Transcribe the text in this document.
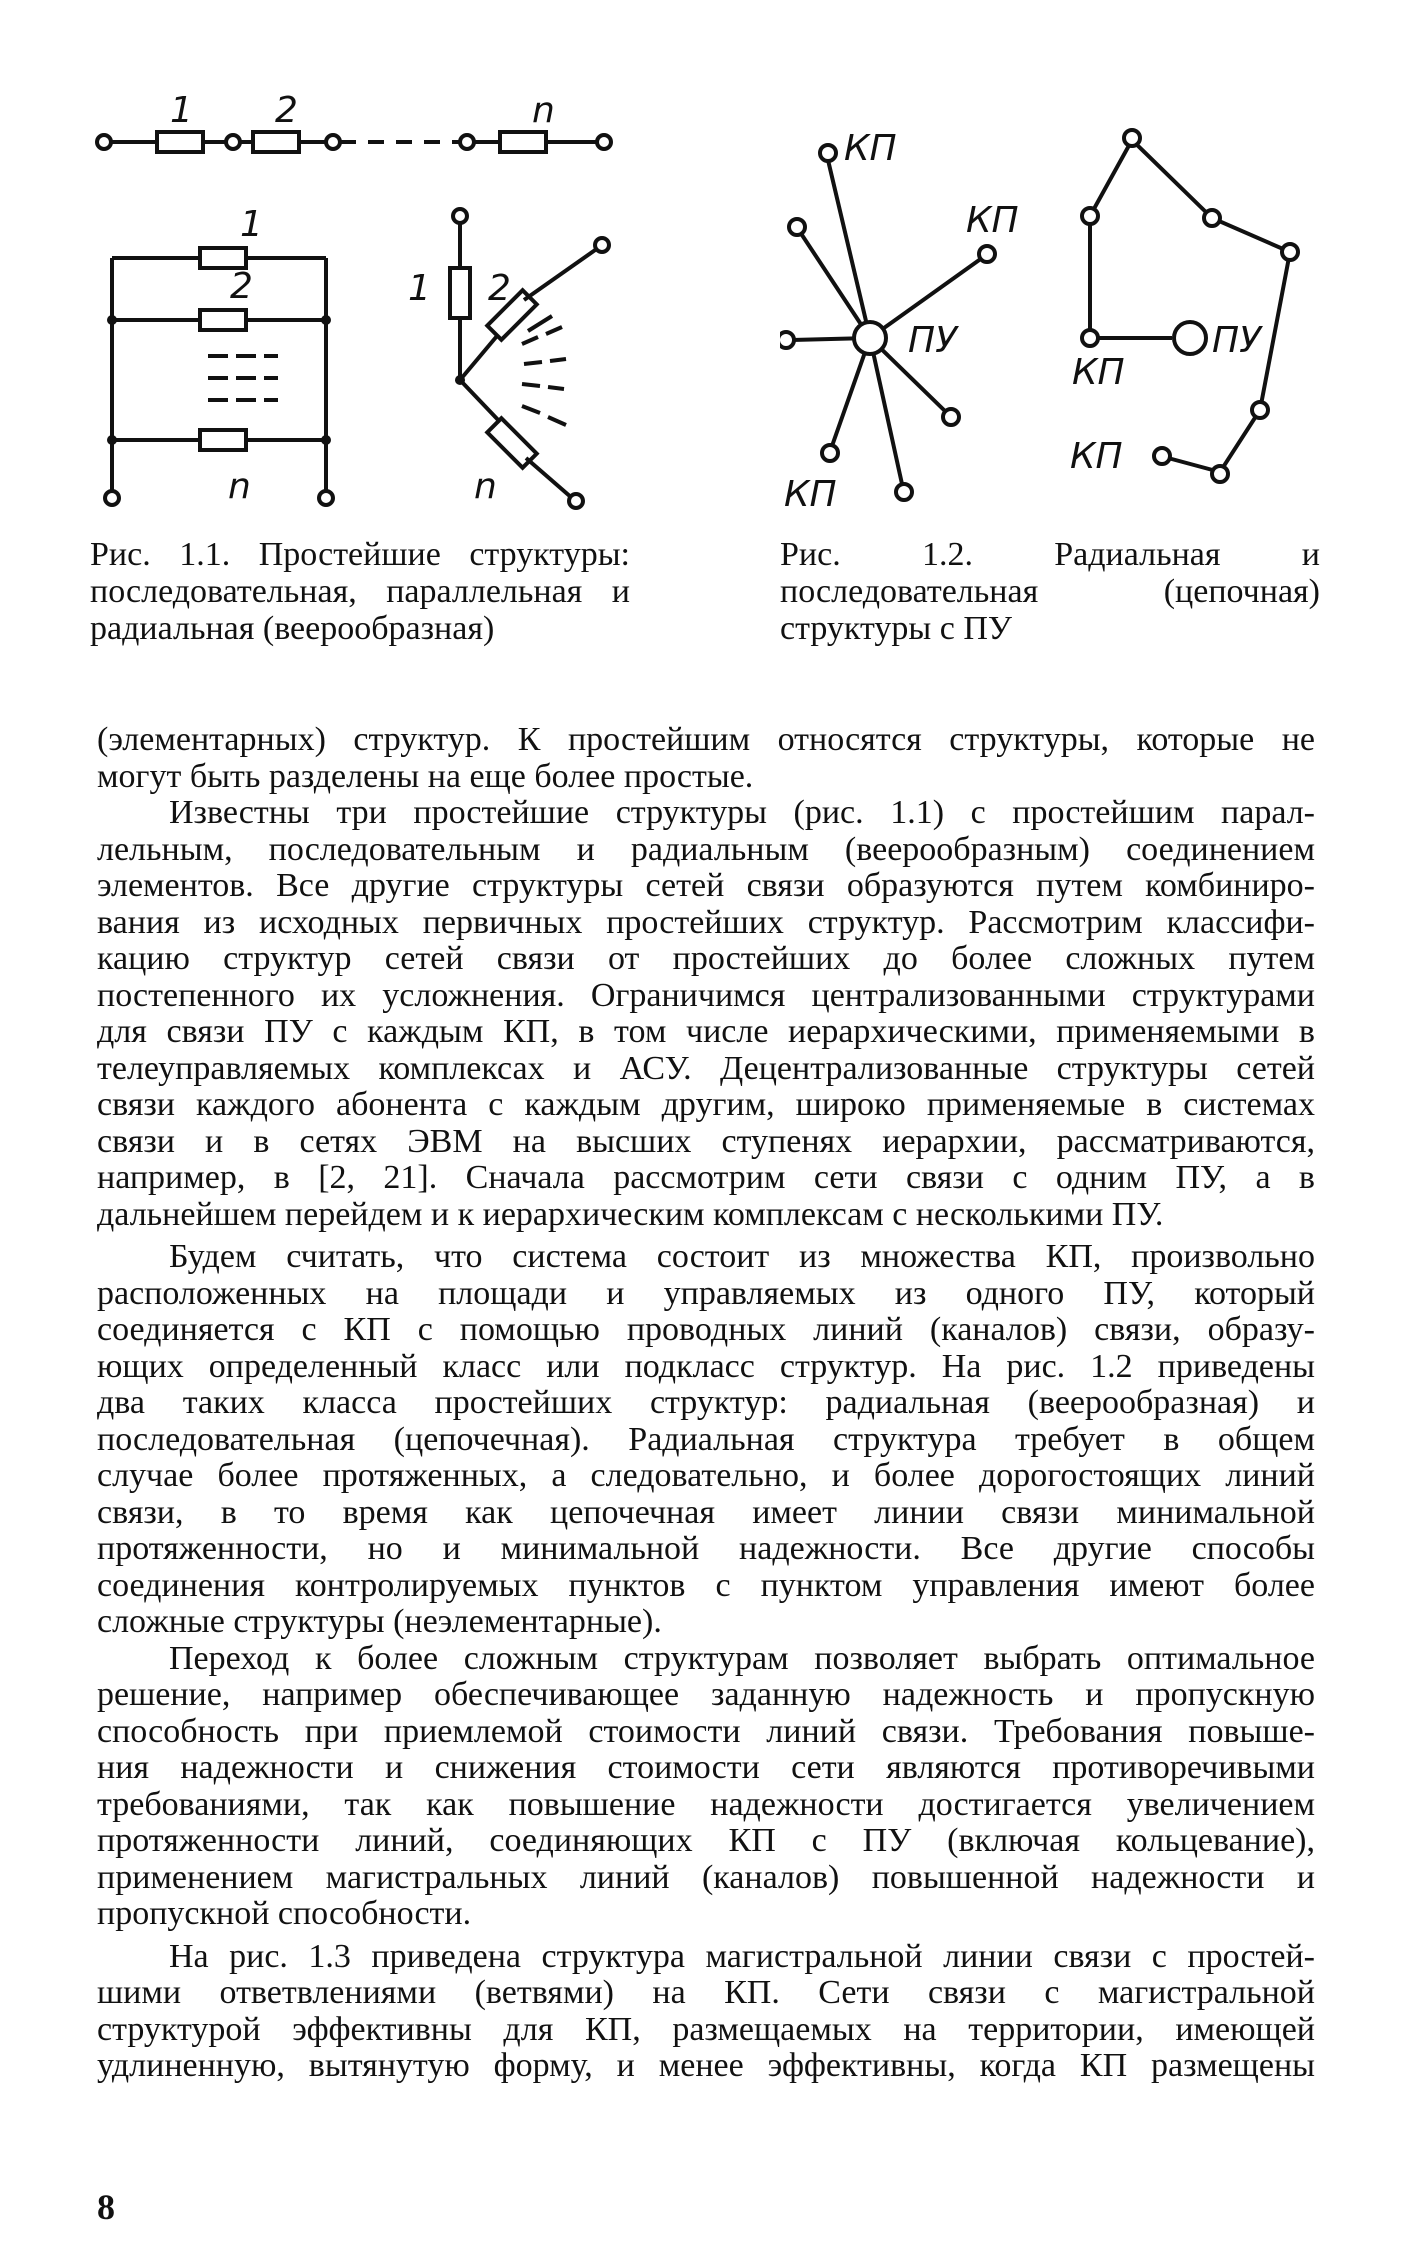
1 2	n
1
2
n
1 2
n
КП
КП
ПУ
КП
ПУ
КП
КП
Рис. 1.1. Простейшие структуры: последовательная, параллельная и радиальная (веерообразная)
Рис. 1.2. Радиальная и последовательная (цепочная) структуры с ПУ

(элементарных) структур. К простейшим относятся структуры, которые не

могут быть разделены на еще более простые.

Известны три простейшие структуры (рис. 1.1) с простейшим парал-

лельным, последовательным и радиальным (веерообразным) соединением

элементов. Все другие структуры сетей связи образуются путем комбиниро-

вания из исходных первичных простейших структур. Рассмотрим классифи-

кацию структур сетей связи от простейших до более сложных путем

постепенного их усложнения. Ограничимся централизованными структурами

для связи ПУ с каждым КП, в том числе иерархическими, применяемыми в

телеуправляемых комплексах и АСУ. Децентрализованные структуры сетей

связи каждого абонента с каждым другим, широко применяемые в системах

связи и в сетях ЭВМ на высших ступенях иерархии, рассматриваются,

например, в [2, 21]. Сначала рассмотрим сети связи с одним ПУ, а в

дальнейшем перейдем и к иерархическим комплексам с несколькими ПУ.

Будем считать, что система состоит из множества КП, произвольно

расположенных на площади и управляемых из одного ПУ, который

соединяется с КП с помощью проводных линий (каналов) связи, образу-

ющих определенный класс или подкласс структур. На рис. 1.2 приведены

два таких класса простейших структур: радиальная (веерообразная) и

последовательная (цепочечная). Радиальная структура требует в общем

случае более протяженных, а следовательно, и более дорогостоящих линий

связи, в то время как цепочечная имеет линии связи минимальной

протяженности, но и минимальной надежности. Все другие способы

соединения контролируемых пунктов с пунктом управления имеют более

сложные структуры (неэлементарные).

Переход к более сложным структурам позволяет выбрать оптимальное

решение, например обеспечивающее заданную надежность и пропускную

способность при приемлемой стоимости линий связи. Требования повыше-

ния надежности и снижения стоимости сети являются противоречивыми

требованиями, так как повышение надежности достигается увеличением

протяженности линий, соединяющих КП с ПУ (включая кольцевание),

применением магистральных линий (каналов) повышенной надежности и

пропускной способности.

На рис. 1.3 приведена структура магистральной линии связи с простей-

шими ответвлениями (ветвями) на КП. Сети связи с магистральной

структурой эффективны для КП, размещаемых на территории, имеющей

удлиненную, вытянутую форму, и менее эффективны, когда КП размещены

8
